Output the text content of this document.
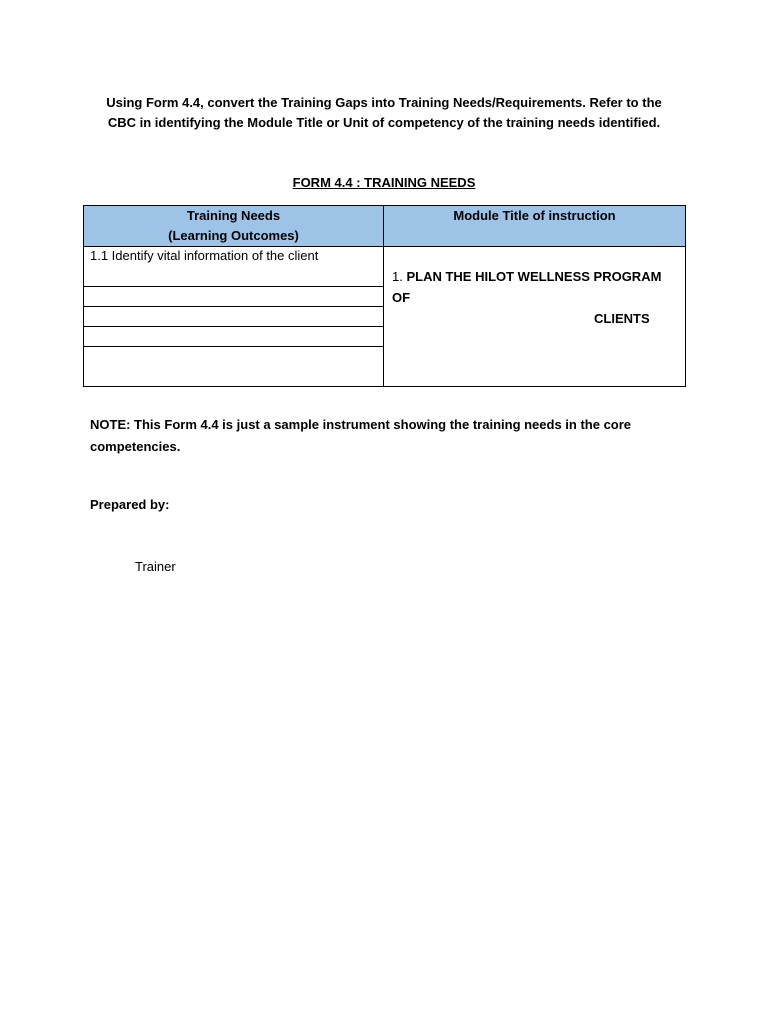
Using Form 4.4, convert the Training Gaps into Training Needs/Requirements. Refer to the
CBC in identifying the Module Title or Unit of competency of the training needs identified.
FORM 4.4 : TRAINING NEEDS
Training Needs
(Learning Outcomes)	Module Title of instruction

1.1 Identify vital information of the client	1. PLAN THE HILOT WELLNESS PROGRAM OF
CLIENTS

NOTE: This Form 4.4 is just a sample instrument showing the training needs in the core
competencies.
Prepared by:
Trainer
